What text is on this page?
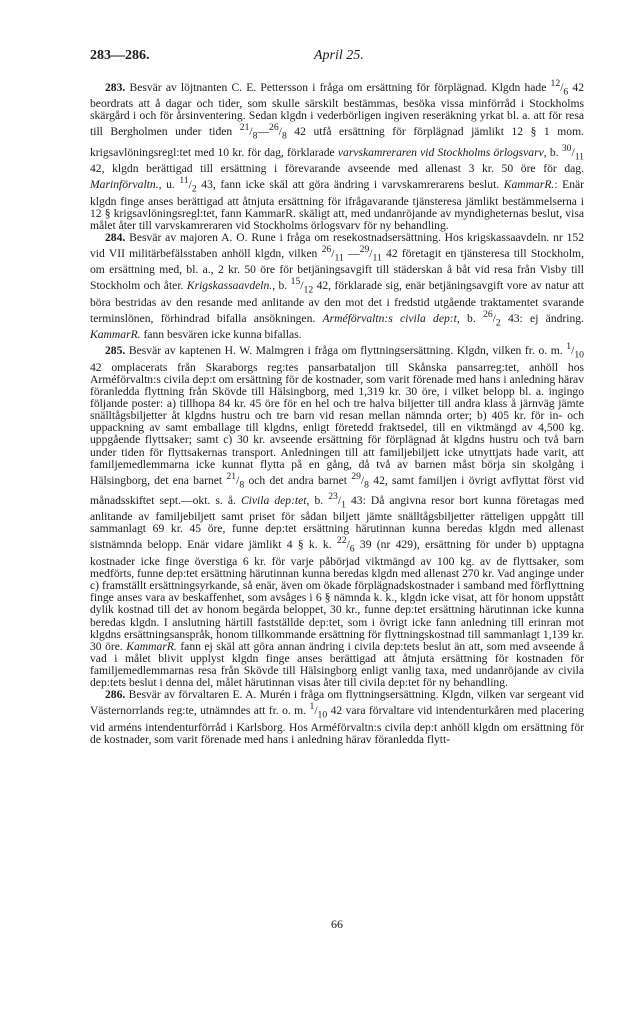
283—286.	April 25.

283. Besvär av löjtnanten C. E. Pettersson i fråga om ersättning för förplägnad. Klgdn hade $^{12}/_6$ 42 beordrats att å dagar och tider, som skulle särskilt bestämmas, besöka vissa minförråd i Stockholms skärgård i och för årsinventering. Sedan klgdn i vederbörligen ingiven reseräkning yrkat bl. a. att för resa till Bergholmen under tiden $^{21}/_8—^{26}/_8$ 42 utfå ersättning för förplägnad jämlikt 12 § 1 mom. krigsavlöningsregl:tet med 10 kr. för dag, förklarade varvskamreraren vid Stockholms örlogsvarv, b. $^{30}/_{11}$ 42, klgdn berättigad till ersättning i förevarande avseende med allenast 3 kr. 50 öre för dag. Marinförvaltn., u. $^{11}/_2$ 43, fann icke skäl att göra ändring i varvskamrerarens beslut. KammarR.: Enär klgdn finge anses berättigad att åtnjuta ersättning för ifrågavarande tjänsteresa jämlikt bestämmelserna i 12 § krigsavlöningsregl:tet, fann KammarR. skäligt att, med undanröjande av myndigheternas beslut, visa målet åter till varvskamreraren vid Stockholms örlogsvarv för ny behandling.

284. Besvär av majoren A. O. Rune i fråga om resekostnadsersättning. Hos krigskassaavdeln. nr 152 vid VII militärbefälsstaben anhöll klgdn, vilken $^{26}/_{11}$ $—^{29}/_{11}$ 42 företagit en tjänsteresa till Stockholm, om ersättning med, bl. a., 2 kr. 50 öre för betjäningsavgift till städerskan å båt vid resa från Visby till Stockholm och åter. Krigskassaavdeln., b. $^{15}/_{12}$ 42, förklarade sig, enär betjäningsavgift vore av natur att böra bestridas av den resande med anlitande av den mot det i fredstid utgående traktamentet svarande terminslönen, förhindrad bifalla ansökningen. Arméförvaltn:s civila dep:t, b. $^{26}/_2$ 43: ej ändring. KammarR. fann besvären icke kunna bifallas.

285. Besvär av kaptenen H. W. Malmgren i fråga om flyttningsersättning. Klgdn, vilken fr. o. m. $^1/_{10}$ 42 omplacerats från Skaraborgs reg:tes pansarbataljon till Skånska pansarreg:tet, anhöll hos Arméförvaltn:s civila dep:t om ersättning för de kostnader, som varit förenade med hans i anledning härav föranledda flyttning från Skövde till Hälsingborg, med 1,319 kr. 30 öre, i vilket belopp bl. a. ingingo följande poster: a) tillhopa 84 kr. 45 öre för en hel och tre halva biljetter till andra klass å järnväg jämte snälltågsbiljetter åt klgdns hustru och tre barn vid resan mellan nämnda orter; b) 405 kr. för in- och uppackning av samt emballage till klgdns, enligt företedd fraktsedel, till en viktmängd av 4,500 kg. uppgående flyttsaker; samt c) 30 kr. avseende ersättning för förplägnad åt klgdns hustru och två barn under tiden för flyttsakernas transport. Anledningen till att familjebiljett icke utnyttjats hade varit, att familjemedlemmarna icke kunnat flytta på en gång, då två av barnen måst börja sin skolgång i Hälsingborg, det ena barnet $^{21}/_8$ och det andra barnet $^{29}/_8$ 42, samt familjen i övrigt avflyttat först vid månadsskiftet sept.—okt. s. å. Civila dep:tet, b. $^{23}/_1$ 43: Då angivna resor bort kunna företagas med anlitande av familjebiljett samt priset för sådan biljett jämte snälltågsbiljetter rätteligen uppgått till sammanlagt 69 kr. 45 öre, funne dep:tet ersättning härutinnan kunna beredas klgdn med allenast sistnämnda belopp. Enär vidare jämlikt 4 § k. k. $^{22}/_6$ 39 (nr 429), ersättning för under b) upptagna kostnader icke finge överstiga 6 kr. för varje påbörjad viktmängd av 100 kg. av de flyttsaker, som medförts, funne dep:tet ersättning härutinnan kunna beredas klgdn med allenast 270 kr. Vad anginge under c) framställt ersättningsyrkande, så enär, även om ökade förplägnadskostnader i samband med förflyttning finge anses vara av beskaffenhet, som avsåges i 6 § nämnda k. k., klgdn icke visat, att för honom uppstått dylik kostnad till det av honom begärda beloppet, 30 kr., funne dep:tet ersättning härutinnan icke kunna beredas klgdn. I anslutning härtill fastställde dep:tet, som i övrigt icke fann anledning till erinran mot klgdns ersättningsanspråk, honom tillkommande ersättning för flyttningskostnad till sammanlagt 1,139 kr. 30 öre. KammarR. fann ej skäl att göra annan ändring i civila dep:tets beslut än att, som med avseende å vad i målet blivit upplyst klgdn finge anses berättigad att åtnjuta ersättning för kostnaden för familjemedlemmarnas resa från Skövde till Hälsingborg enligt vanlig taxa, med undanröjande av civila dep:tets beslut i denna del, målet härutinnan visas åter till civila dep:tet för ny behandling.

286. Besvär av förvaltaren E. A. Murén i fråga om flyttningsersättning. Klgdn, vilken var sergeant vid Västernorrlands reg:te, utnämndes att fr. o. m. $^1/_{10}$ 42 vara förvaltare vid intendenturkåren med placering vid arméns intendenturförråd i Karlsborg. Hos Arméförvaltn:s civila dep:t anhöll klgdn om ersättning för de kostnader, som varit förenade med hans i anledning härav föranledda flytt-

66
